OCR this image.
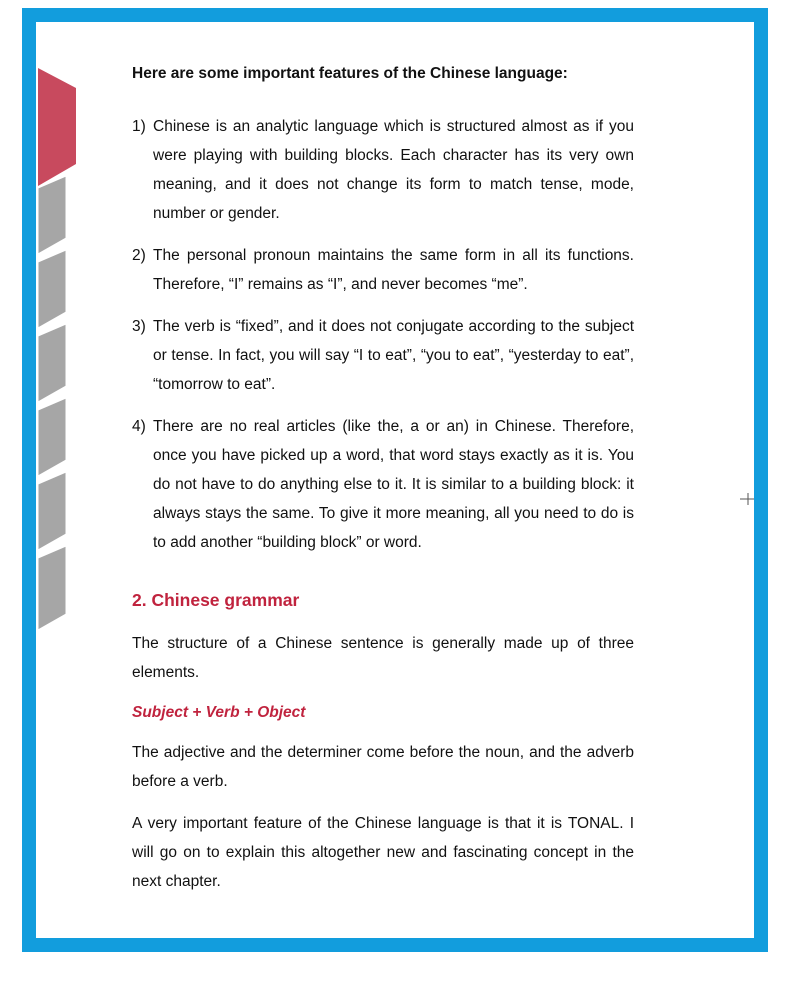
Here are some important features of the Chinese language:

1) Chinese is an analytic language which is structured almost as if you were playing with building blocks. Each character has its very own meaning, and it does not change its form to match tense, mode, number or gender.
2) The personal pronoun maintains the same form in all its functions. Therefore, “I” remains as “I”, and never becomes “me”.
3) The verb is “fixed”, and it does not conjugate according to the subject or tense. In fact, you will say “I to eat”, “you to eat”, “yesterday to eat”, “tomorrow to eat”.
4) There are no real articles (like the, a or an) in Chinese. Therefore, once you have picked up a word, that word stays exactly as it is. You do not have to do anything else to it. It is similar to a building block: it always stays the same. To give it more meaning, all you need to do is to add another “building block” or word.
2. Chinese grammar

The structure of a Chinese sentence is generally made up of three elements.

Subject + Verb + Object

The adjective and the determiner come before the noun, and the adverb before a verb.

A very important feature of the Chinese language is that it is TONAL. I will go on to explain this altogether new and fascinating concept in the next chapter.
